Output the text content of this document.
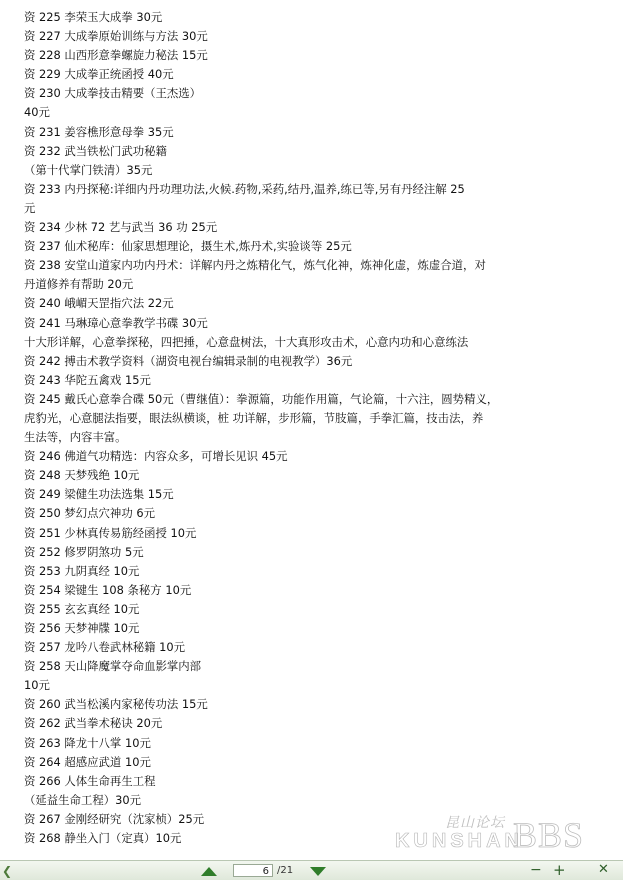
资 225 李荣玉大成拳 30元
资 227 大成拳原始训练与方法 30元
资 228 山西形意拳螺旋力秘法 15元
资 229 大成拳正统函授 40元
资 230 大成拳技击精要（王杰选）
40元
资 231 姜容樵形意母拳 35元
资 232 武当铁松门武功秘籍
（第十代掌门铁清）35元
资 233 内丹探秘:详细内丹功理功法,火候.药物,采药,结丹,温养,练已等,另有丹经注解 25
元
资 234 少林 72 艺与武当 36 功 25元
资 237 仙术秘库：仙家思想理论，摄生术,炼丹术,实验谈等 25元
资 238 安堂山道家内功内丹术：详解内丹之炼精化气，炼气化神，炼神化虚，炼虚合道，对
丹道修养有帮助 20元
资 240 峨嵋天罡指穴法 22元
资 241 马琳璋心意拳教学书碟 30元
十大形详解，心意拳探秘，四把捶，心意盘树法，十大真形攻击术，心意内功和心意练法
资 242 搏击术教学资料（湖资电视台编辑录制的电视教学）36元
资 243 华陀五禽戏 15元
资 245 戴氏心意拳合碟 50元（曹继值）：拳源篇，功能作用篇，气论篇，十六注，圆势精义，
虎豹光，心意腿法指要，眼法纵横谈，桩 功详解，步形篇，节肢篇，手拳汇篇，技击法，养
生法等，内容丰富。
资 246 佛道气功精选：内容众多，可增长见识 45元
资 248 天梦残绝 10元
资 249 梁健生功法选集 15元
资 250 梦幻点穴神功 6元
资 251 少林真传易筋经函授 10元
资 252 修罗阴煞功 5元
资 253 九阴真经 10元
资 254 梁键生 108 条秘方 10元
资 255 玄玄真经 10元
资 256 天梦神牒 10元
资 257 龙吟八卷武林秘籍 10元
资 258 天山降魔掌夺命血影掌内部
10元
资 260 武当松溪内家秘传功法 15元
资 262 武当拳术秘诀 20元
资 263 降龙十八掌 10元
资 264 超感应武道 10元
资 266 人体生命再生工程
（延益生命工程）30元
资 267 金刚经研究（沈家桢）25元
资 268 静坐入门（定真）10元
昆山论坛
KUNSHAN
BBS
❮	6 /21	− + ✕
